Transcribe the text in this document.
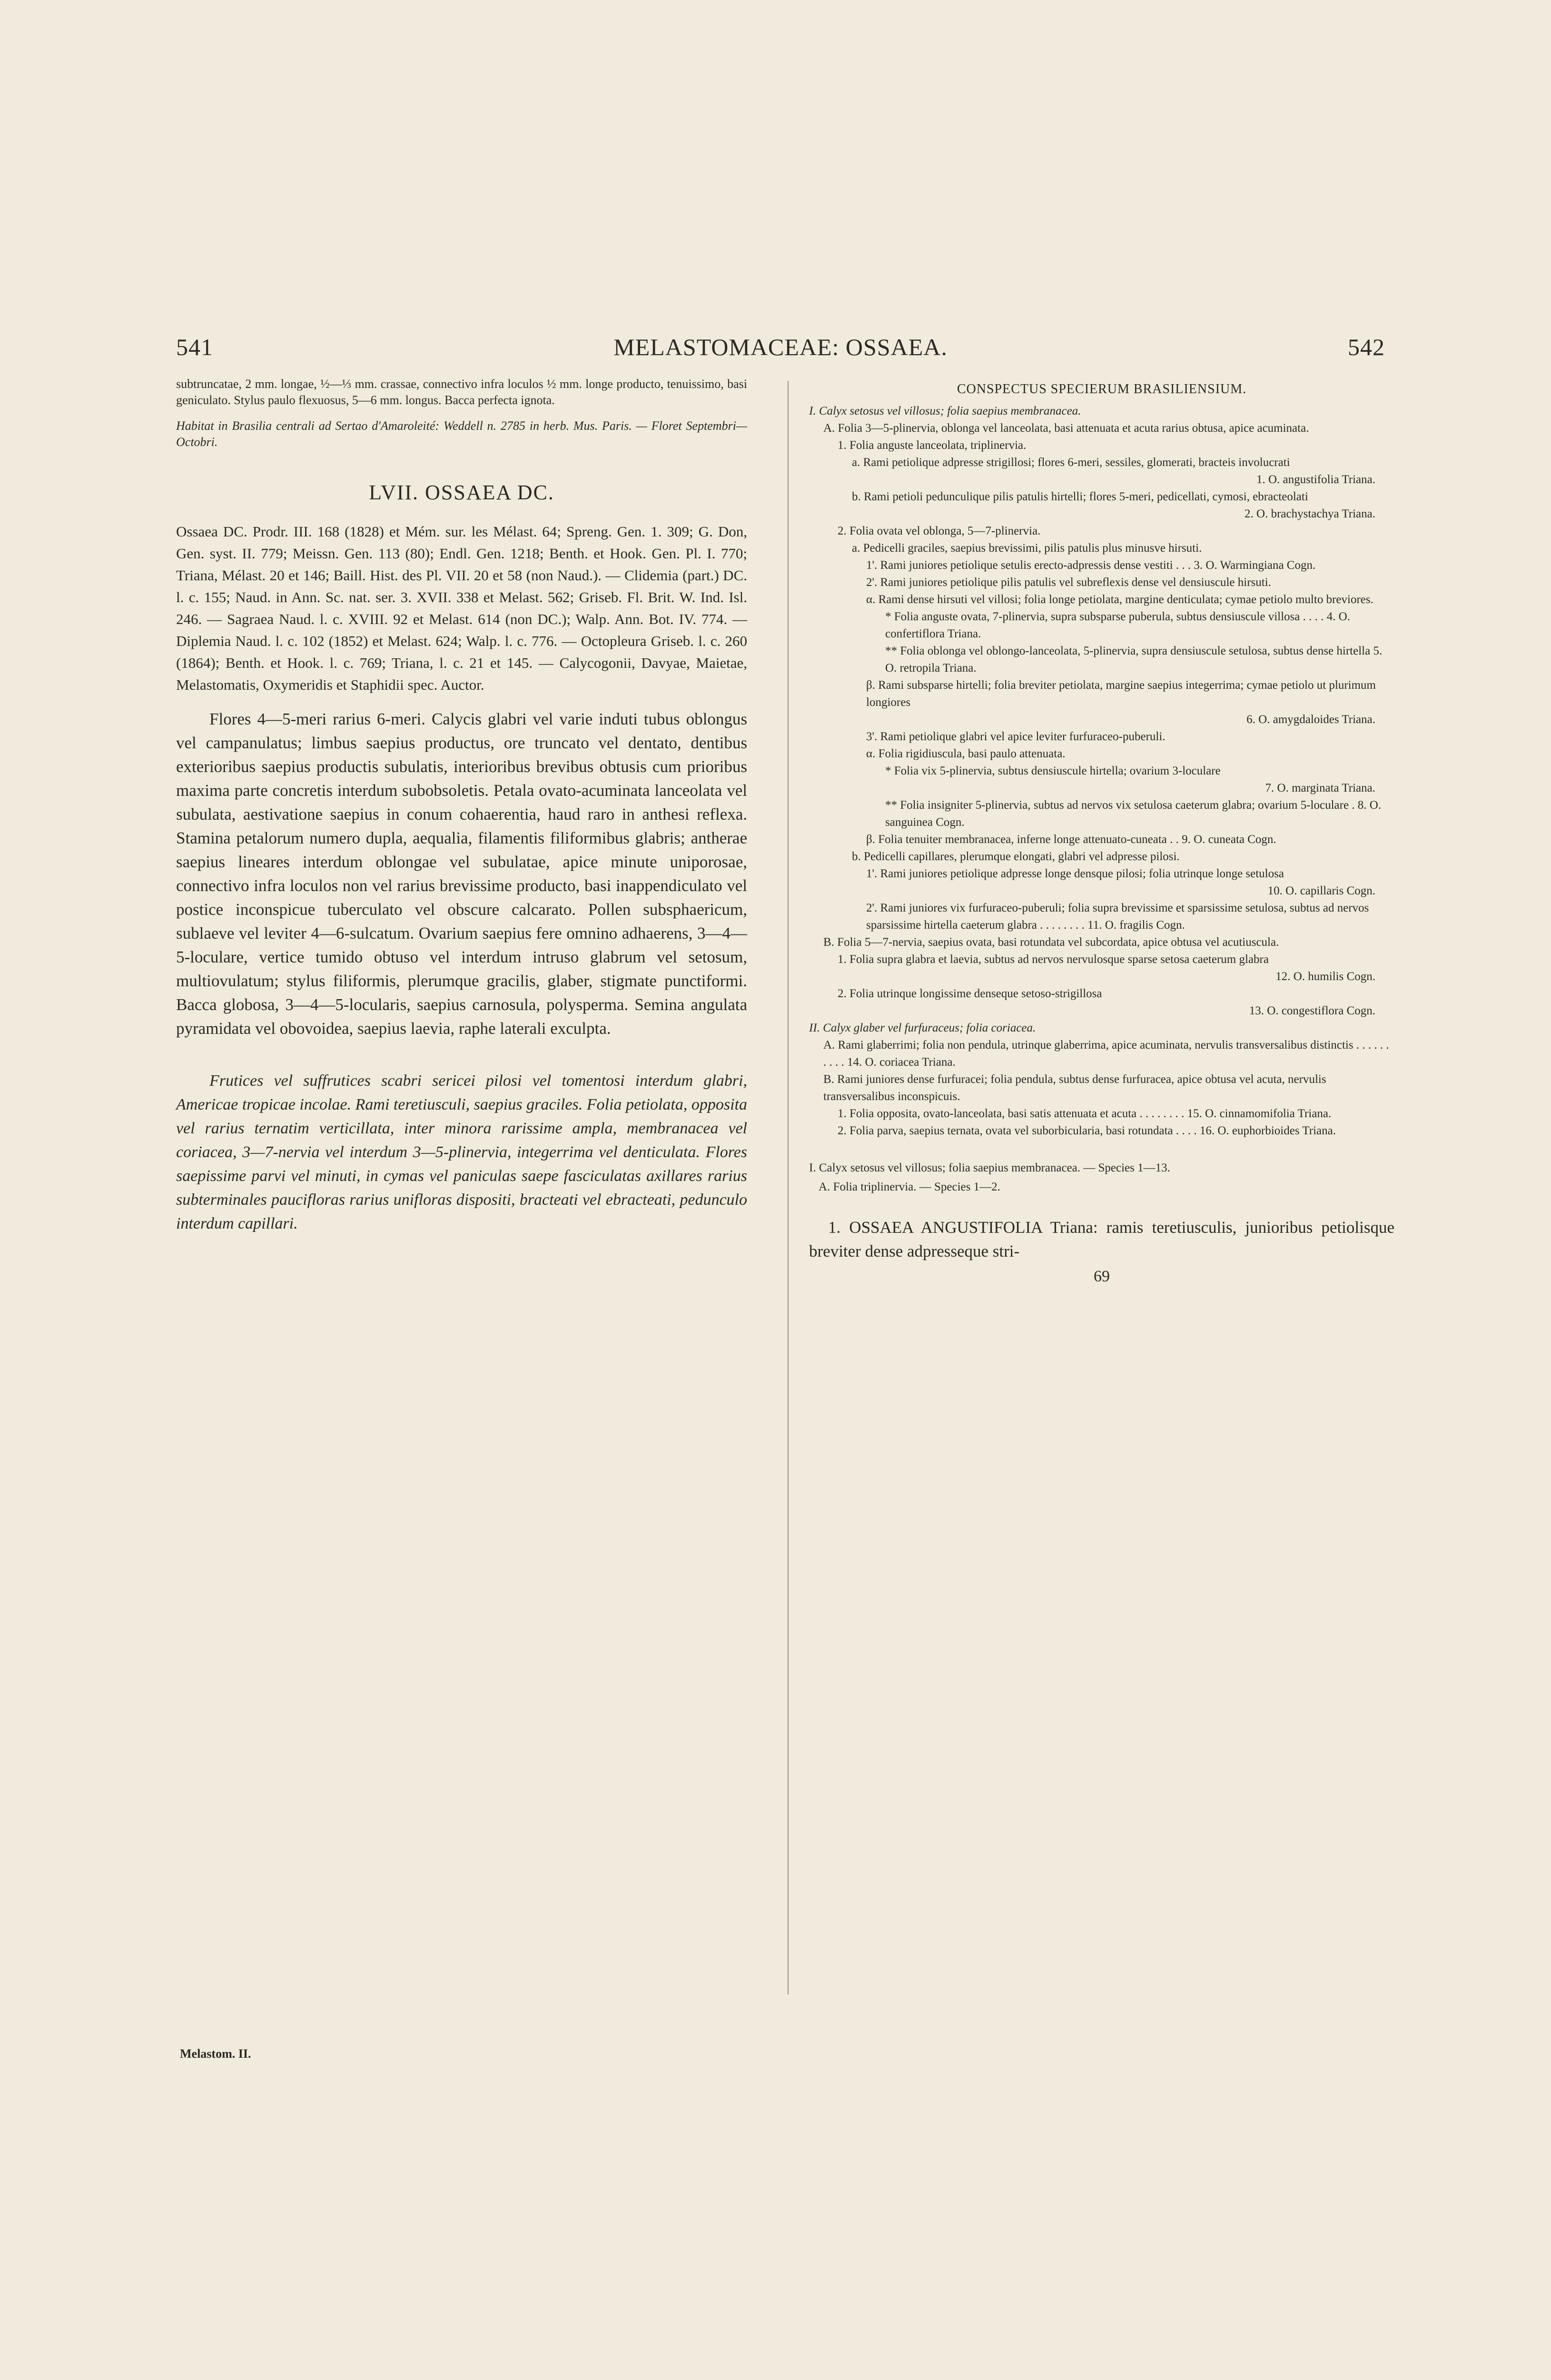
541	MELASTOMACEAE: OSSAEA.	542

subtruncatae, 2 mm. longae, ½—⅓ mm. crassae, connectivo infra loculos ½ mm. longe producto, tenuissimo, basi geniculato. Stylus paulo flexuosus, 5—6 mm. longus. Bacca perfecta ignota.

Habitat in Brasilia centrali ad Sertao d'Amaroleité: Weddell n. 2785 in herb. Mus. Paris. — Floret Septembri—Octobri.

LVII. OSSAEA DC.

Ossaea DC. Prodr. III. 168 (1828) et Mém. sur. les Mélast. 64; Spreng. Gen. 1. 309; G. Don, Gen. syst. II. 779; Meissn. Gen. 113 (80); Endl. Gen. 1218; Benth. et Hook. Gen. Pl. I. 770; Triana, Mélast. 20 et 146; Baill. Hist. des Pl. VII. 20 et 58 (non Naud.). — Clidemia (part.) DC. l. c. 155; Naud. in Ann. Sc. nat. ser. 3. XVII. 338 et Melast. 562; Griseb. Fl. Brit. W. Ind. Isl. 246. — Sagraea Naud. l. c. XVIII. 92 et Melast. 614 (non DC.); Walp. Ann. Bot. IV. 774. — Diplemia Naud. l. c. 102 (1852) et Melast. 624; Walp. l. c. 776. — Octopleura Griseb. l. c. 260 (1864); Benth. et Hook. l. c. 769; Triana, l. c. 21 et 145. — Calycogonii, Davyae, Maietae, Melastomatis, Oxymeridis et Staphidii spec. Auctor.

Flores 4—5-meri rarius 6-meri. Calycis glabri vel varie induti tubus oblongus vel campanulatus; limbus saepius productus, ore truncato vel dentato, dentibus exterioribus saepius productis subulatis, interioribus brevibus obtusis cum prioribus maxima parte concretis interdum subobsoletis. Petala ovato-acuminata lanceolata vel subulata, aestivatione saepius in conum cohaerentia, haud raro in anthesi reflexa. Stamina petalorum numero dupla, aequalia, filamentis filiformibus glabris; antherae saepius lineares interdum oblongae vel subulatae, apice minute uniporosae, connectivo infra loculos non vel rarius brevissime producto, basi inappendiculato vel postice inconspicue tuberculato vel obscure calcarato. Pollen subsphaericum, sublaeve vel leviter 4—6-sulcatum. Ovarium saepius fere omnino adhaerens, 3—4—5-loculare, vertice tumido obtuso vel interdum intruso glabrum vel setosum, multiovulatum; stylus filiformis, plerumque gracilis, glaber, stigmate punctiformi. Bacca globosa, 3—4—5-locularis, saepius carnosula, polysperma. Semina angulata pyramidata vel obovoidea, saepius laevia, raphe laterali exculpta.

Frutices vel suffrutices scabri sericei pilosi vel tomentosi interdum glabri, Americae tropicae incolae. Rami teretiusculi, saepius graciles. Folia petiolata, opposita vel rarius ternatim verticillata, inter minora rarissime ampla, membranacea vel coriacea, 3—7-nervia vel interdum 3—5-plinervia, integerrima vel denticulata. Flores saepissime parvi vel minuti, in cymas vel paniculas saepe fasciculatas axillares rarius subterminales paucifloras rarius unifloras dispositi, bracteati vel ebracteati, pedunculo interdum capillari.

Melastom. II.
CONSPECTUS SPECIERUM BRASILIENSIUM.
I. Calyx setosus vel villosus; folia saepius membranacea.
A. Folia 3—5-plinervia, oblonga vel lanceolata, basi attenuata et acuta rarius obtusa, apice acuminata.
1. Folia anguste lanceolata, triplinervia.
a. Rami petiolique adpresse strigillosi; flores 6-meri, sessiles, glomerati, bracteis involucrati
1. O. angustifolia Triana.
b. Rami petioli pedunculique pilis patulis hirtelli; flores 5-meri, pedicellati, cymosi, ebracteolati
2. O. brachystachya Triana.
2. Folia ovata vel oblonga, 5—7-plinervia.
a. Pedicelli graciles, saepius brevissimi, pilis patulis plus minusve hirsuti.
1'. Rami juniores petiolique setulis erecto-adpressis dense vestiti . . . 3. O. Warmingiana Cogn.
2'. Rami juniores petiolique pilis patulis vel subreflexis dense vel densiuscule hirsuti.
α. Rami dense hirsuti vel villosi; folia longe petiolata, margine denticulata; cymae petiolo multo breviores.
* Folia anguste ovata, 7-plinervia, supra subsparse puberula, subtus densiuscule villosa . . . . 4. O. confertiflora Triana.
** Folia oblonga vel oblongo-lanceolata, 5-plinervia, supra densiuscule setulosa, subtus dense hirtella 5. O. retropila Triana.
β. Rami subsparse hirtelli; folia breviter petiolata, margine saepius integerrima; cymae petiolo ut plurimum longiores
6. O. amygdaloides Triana.
3'. Rami petiolique glabri vel apice leviter furfuraceo-puberuli.
α. Folia rigidiuscula, basi paulo attenuata.
* Folia vix 5-plinervia, subtus densiuscule hirtella; ovarium 3-loculare
7. O. marginata Triana.
** Folia insigniter 5-plinervia, subtus ad nervos vix setulosa caeterum glabra; ovarium 5-loculare . 8. O. sanguinea Cogn.
β. Folia tenuiter membranacea, inferne longe attenuato-cuneata . . 9. O. cuneata Cogn.
b. Pedicelli capillares, plerumque elongati, glabri vel adpresse pilosi.
1'. Rami juniores petiolique adpresse longe densque pilosi; folia utrinque longe setulosa
10. O. capillaris Cogn.
2'. Rami juniores vix furfuraceo-puberuli; folia supra brevissime et sparsissime setulosa, subtus ad nervos sparsissime hirtella caeterum glabra . . . . . . . . 11. O. fragilis Cogn.
B. Folia 5—7-nervia, saepius ovata, basi rotundata vel subcordata, apice obtusa vel acutiuscula.
1. Folia supra glabra et laevia, subtus ad nervos nervulosque sparse setosa caeterum glabra
12. O. humilis Cogn.
2. Folia utrinque longissime denseque setoso-strigillosa
13. O. congestiflora Cogn.
II. Calyx glaber vel furfuraceus; folia coriacea.
A. Rami glaberrimi; folia non pendula, utrinque glaberrima, apice acuminata, nervulis transversalibus distinctis . . . . . . . . . . 14. O. coriacea Triana.
B. Rami juniores dense furfuracei; folia pendula, subtus dense furfuracea, apice obtusa vel acuta, nervulis transversalibus inconspicuis.
1. Folia opposita, ovato-lanceolata, basi satis attenuata et acuta . . . . . . . . 15. O. cinnamomifolia Triana.
2. Folia parva, saepius ternata, ovata vel suborbicularia, basi rotundata . . . . 16. O. euphorbioides Triana.
I. Calyx setosus vel villosus; folia saepius membranacea. — Species 1—13.
A. Folia triplinervia. — Species 1—2.

1. OSSAEA ANGUSTIFOLIA Triana: ramis teretiusculis, junioribus petiolisque breviter dense adpresseque stri-

69
